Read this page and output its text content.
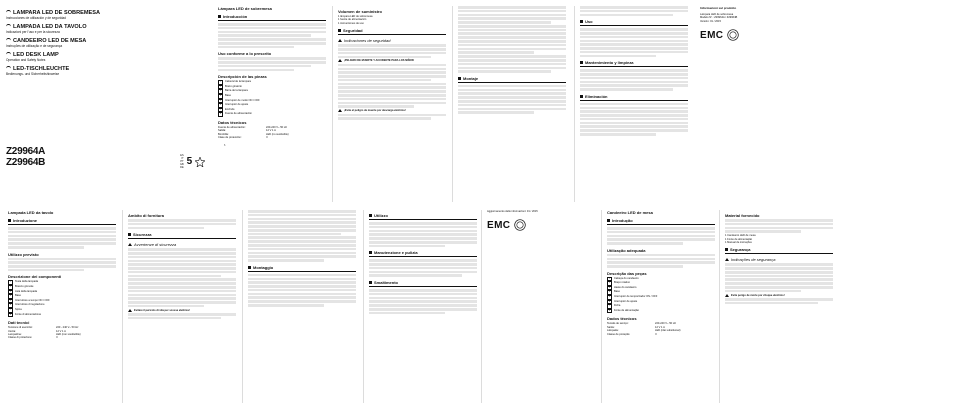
LAMPARA LED DE SOBREMESA

Instrucciones de utilización y de seguridad

LAMPADA LED DA TAVOLO

Indicazioni per l'uso e per la sicurezza

CANDEEIRO LED DE MESA

Instruções de utilização e de segurança

LED DESK LAMP

Operation and Safety Notes

LED-TISCHLEUCHTE

Bedienungs- und Sicherheitshinweise

Z29964A
Z29964B
ES
IT
PT
GB
DE
5

Lámpara LED de sobremesa

Introducción
Uso conforme a lo prescrito
Descripción de las piezas
1	Cabezal de la lámpara
2	Brazo giratorio
3	Barra de la lámpara
4	Base
5	Interruptor de modo ON / OFF
6	Interruptor de ajuste
7	Enchufe
8	Fuente de alimentación
Datos técnicos
Fuente de alimentación:	220-240 V~ 50 Hz
Salida:	12 V 1 A
Bombilla:	LED (no sustituible)
Clase de protección:	II
6
Volumen de suministro
1 lámpara LED de sobremesa
1 fuente de alimentación
1 instrucciones de uso
Seguridad
Indicaciones de seguridad
¡PELIGRO DE MUERTE Y ACCIDENTE PARA LOS NIÑOS!
¡Evite el peligro de muerte por descarga eléctrica!
Montaje
Uso
Mantenimiento y limpieza
Eliminación

Informazioni sul prodotto

Lámpara LED de sobremesa
Modelo Nº.: Z29964A / Z29964B
Versión: 01 / 2015
EMC

Lampada LED da tavolo

Introduzione
Utilizzo previsto
Descrizione dei componenti
1	Testa della lampada
2	Braccio girevole
3	Asta della lampada
4	Base
5	Interruttore a tempo ON / OFF
6	Interruttore di regolazione
7	Spina
8	Fonte di alimentazione
Dati tecnici
Tensione di esercizio:	220 - 240 V~ 50 Hz
Uscita:	12 V 1 A
Lampadina:	LED (non sostituibile)
Classe di protezione:	II
Ambito di fornitura
Sicurezza
Avvertenze di sicurezza
Evitare il pericolo di vita per scossa elettrica!
Montaggio
Utilizzo
Manutenzione e pulizia
Smaltimento
Aggiornamento delle informazioni: 01 / 2015
EMC

Candeeiro LED de mesa

Introdução
Utilização adequada
Descrição das peças
1	Cabeça do candeeiro
2	Braço rotativo
3	Haste do candeeiro
4	Base
5	Interruptor de temporizador ON / OFF
6	Interruptor de ajuste
7	Ficha
8	Fonte de alimentação
Dados técnicos
Tensão de serviço:	220-240 V~ 50 Hz
Saída:	12 V 1 A
Lâmpada:	LED (não substituível)
Classe de proteção:	II
Material fornecido
1 Candeeiro LED de mesa
1 Fonte de alimentação
1 Manual de instruções
Segurança
Indicações de segurança
Evite perigo de morte por choque eléctrico!
